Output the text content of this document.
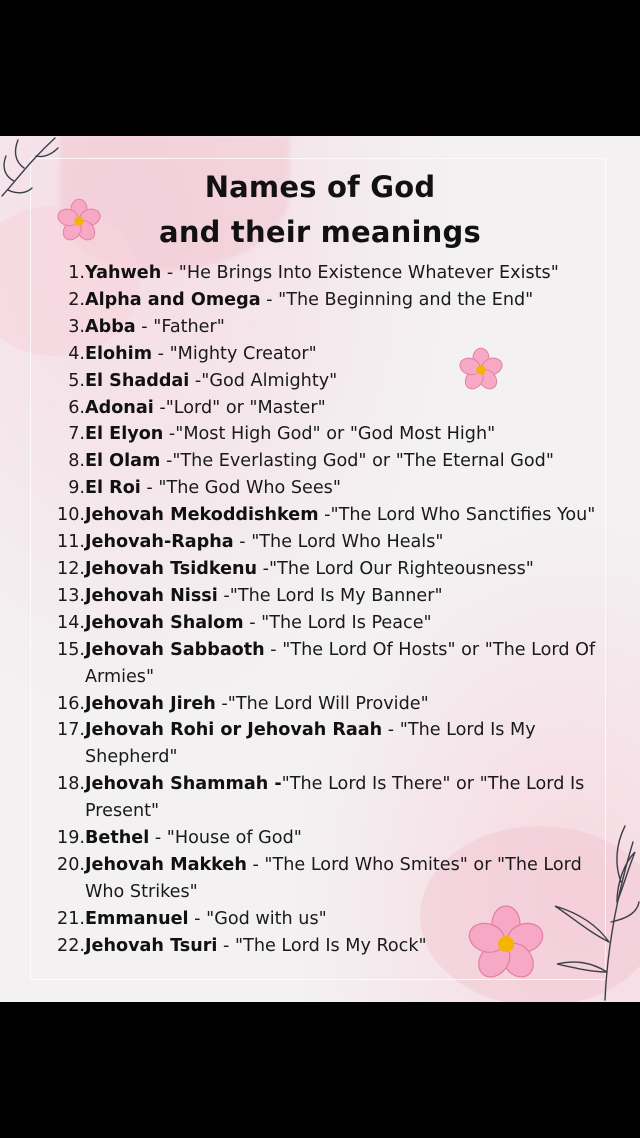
Names of God
and their meanings
1. Yahweh - "He Brings Into Existence Whatever Exists"
2. Alpha and Omega - "The Beginning and the End"
3. Abba - "Father"
4. Elohim - "Mighty Creator"
5. El Shaddai -"God Almighty"
6. Adonai -"Lord" or "Master"
7. El Elyon -"Most High God" or "God Most High"
8. El Olam -"The Everlasting God" or "The Eternal God"
9. El Roi - "The God Who Sees"
10. Jehovah Mekoddishkem -"The Lord Who Sanctifies You"
11. Jehovah-Rapha - "The Lord Who Heals"
12. Jehovah Tsidkenu -"The Lord Our Righteousness"
13. Jehovah Nissi -"The Lord Is My Banner"
14. Jehovah Shalom - "The Lord Is Peace"
15. Jehovah Sabbaoth - "The Lord Of Hosts" or "The Lord Of Armies"
16. Jehovah Jireh -"The Lord Will Provide"
17. Jehovah Rohi or Jehovah Raah - "The Lord Is My Shepherd"
18. Jehovah Shammah -"The Lord Is There" or "The Lord Is Present"
19. Bethel - "House of God"
20. Jehovah Makkeh - "The Lord Who Smites" or "The Lord Who Strikes"
21. Emmanuel - "God with us"
22. Jehovah Tsuri - "The Lord Is My Rock"
